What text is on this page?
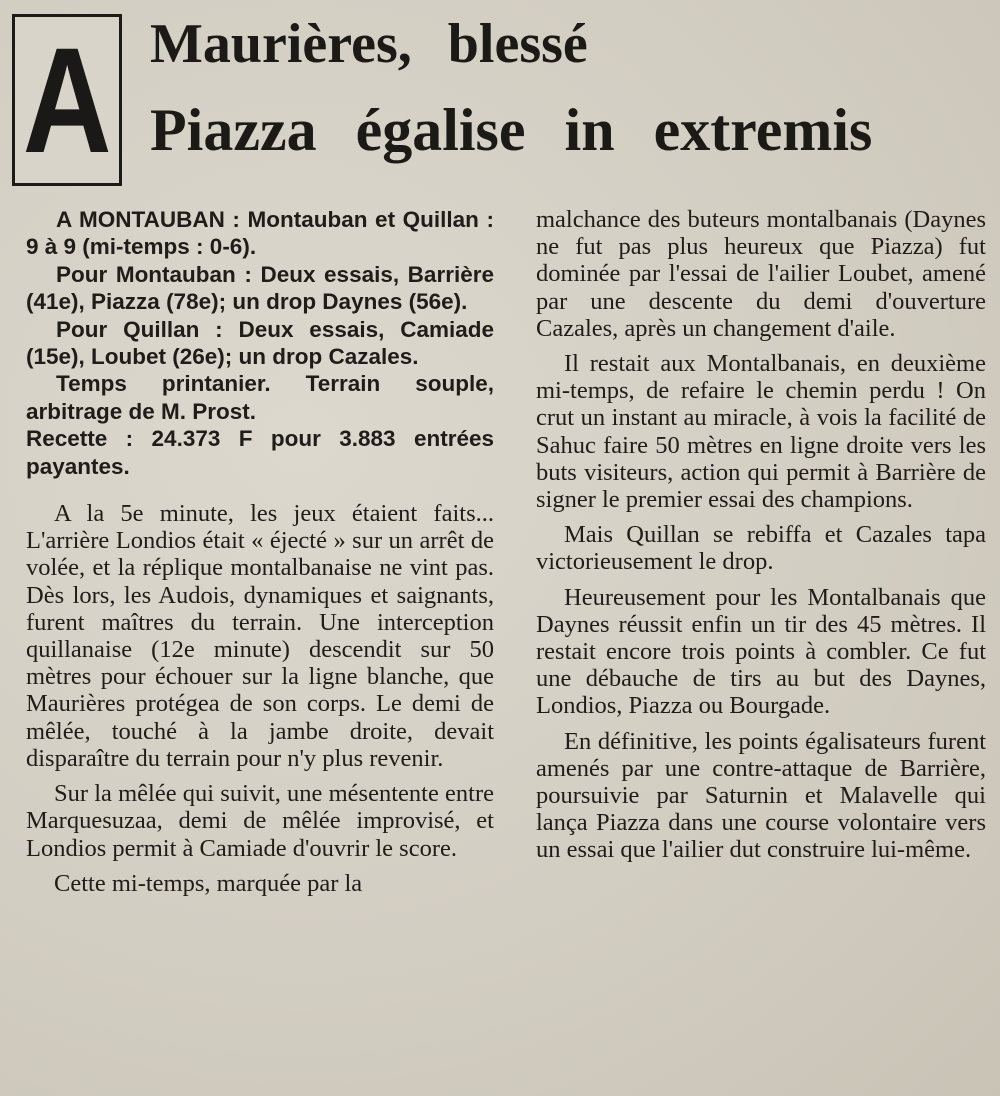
A Maurières, blessé
Piazza égalise in extremis

A MONTAUBAN : Montauban et Quillan : 9 à 9 (mi-temps : 0-6).

Pour Montauban : Deux essais, Barrière (41e), Piazza (78e); un drop Daynes (56e).

Pour Quillan : Deux essais, Camiade (15e), Loubet (26e); un drop Cazales.

Temps printanier. Terrain souple, arbitrage de M. Prost.

Recette : 24.373 F pour 3.883 entrées payantes.

A la 5e minute, les jeux étaient faits... L'arrière Londios était « éjecté » sur un arrêt de volée, et la réplique montalbanaise ne vint pas. Dès lors, les Audois, dynamiques et saignants, furent maîtres du terrain. Une interception quillanaise (12e minute) descendit sur 50 mètres pour échouer sur la ligne blanche, que Maurières protégea de son corps. Le demi de mêlée, touché à la jambe droite, devait disparaître du terrain pour n'y plus revenir.

Sur la mêlée qui suivit, une mésentente entre Marquesuzaa, demi de mêlée improvisé, et Londios permit à Camiade d'ouvrir le score.

Cette mi-temps, marquée par la

malchance des buteurs montalbanais (Daynes ne fut pas plus heureux que Piazza) fut dominée par l'essai de l'ailier Loubet, amené par une descente du demi d'ouverture Cazales, après un changement d'aile.

Il restait aux Montalbanais, en deuxième mi-temps, de refaire le chemin perdu ! On crut un instant au miracle, à vois la facilité de Sahuc faire 50 mètres en ligne droite vers les buts visiteurs, action qui permit à Barrière de signer le premier essai des champions.

Mais Quillan se rebiffa et Cazales tapa victorieusement le drop.

Heureusement pour les Montalbanais que Daynes réussit enfin un tir des 45 mètres. Il restait encore trois points à combler. Ce fut une débauche de tirs au but des Daynes, Londios, Piazza ou Bourgade.

En définitive, les points égalisateurs furent amenés par une contre-attaque de Barrière, poursuivie par Saturnin et Malavelle qui lança Piazza dans une course volontaire vers un essai que l'ailier dut construire lui-même.
